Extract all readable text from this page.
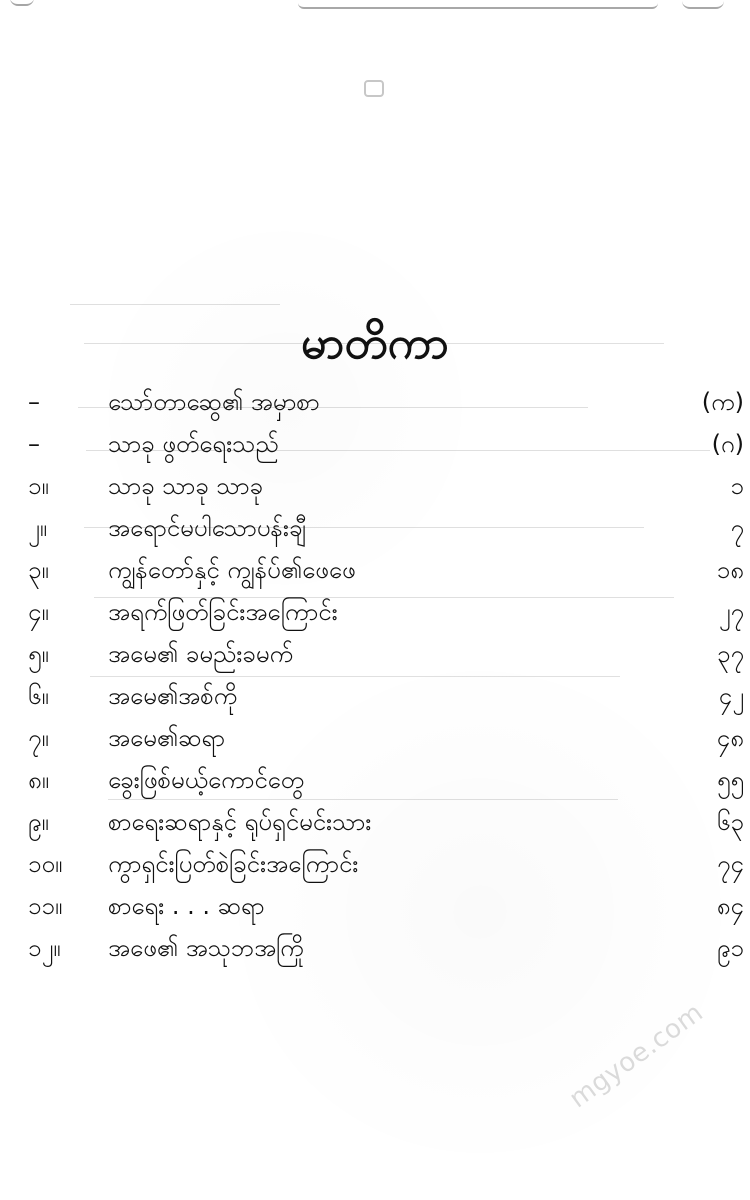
မာတိကာ
–	သော်တာဆွေ၏ အမှာစာ	(က)
–	သာခု ဖွတ်ရေးသည်	(ဂ)
၁။	သာခု သာခု သာခု	၁
၂။	အရောင်မပါသောပန်းချီ	၇
၃။	ကျွန်တော်နှင့် ကျွန်ပ်၏ဖေဖေ	၁၈
၄။	အရက်ဖြတ်ခြင်းအကြောင်း	၂၇
၅။	အမေ၏ ခမည်းခမက်	၃၇
၆။	အမေ၏အစ်ကို	၄၂
၇။	အမေ၏ဆရာ	၄၈
၈။	ခွေးဖြစ်မယ့်ကောင်တွေ	၅၅
၉။	စာရေးဆရာနှင့် ရုပ်ရှင်မင်းသား	၆၃
၁၀။	ကွာရှင်းပြတ်စဲခြင်းအကြောင်း	၇၄
၁၁။	စာရေး . . . ဆရာ	၈၄
၁၂။	အဖေ၏ အသုဘအကြို	၉၁
mgyoe.com
